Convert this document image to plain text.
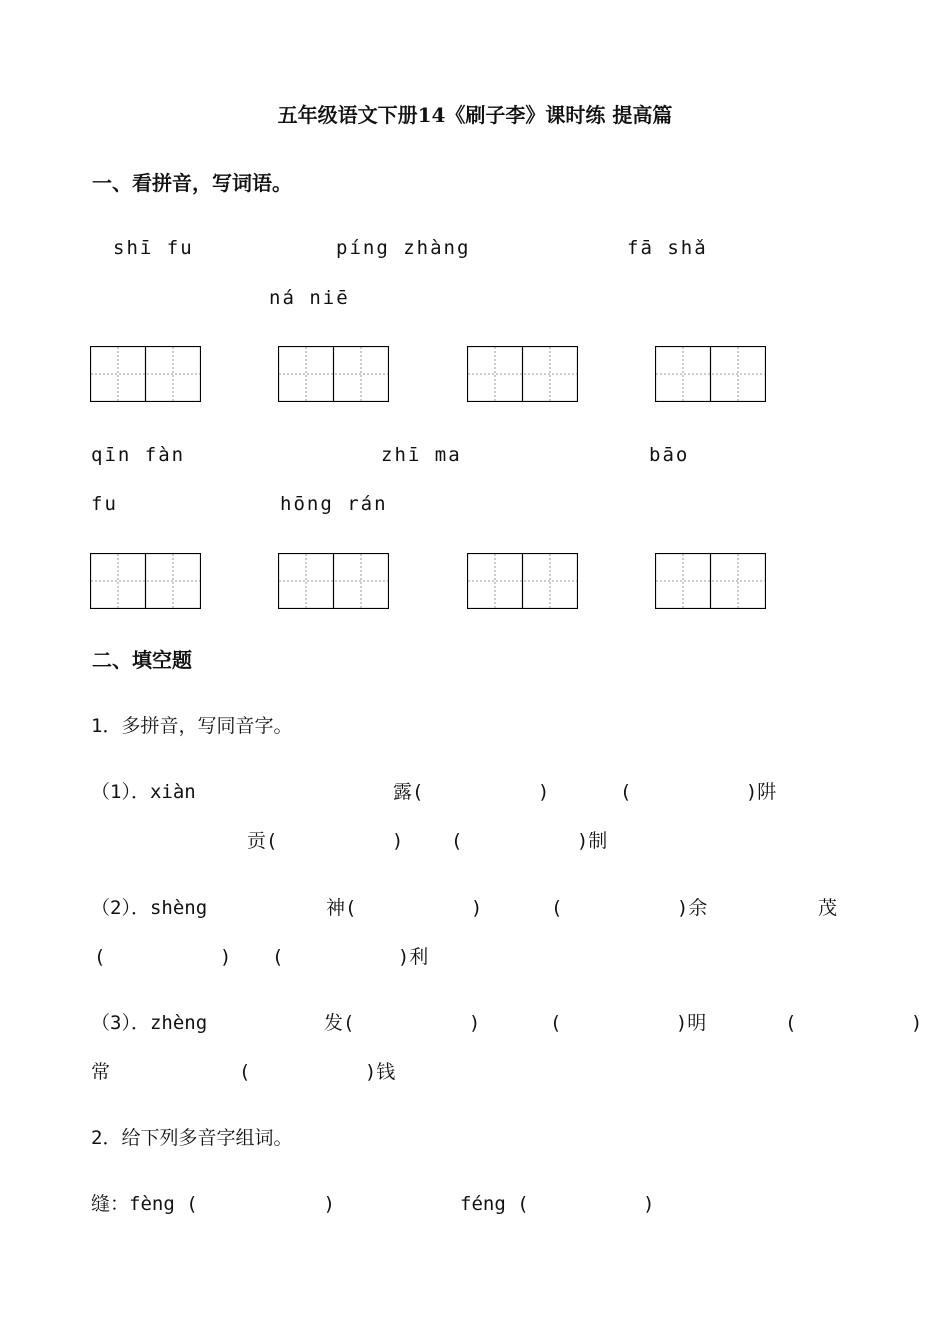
五年级语文下册14《刷子李》课时练 提高篇
一、看拼音，写词语。
shī fu	píng zhàng	fā shǎ
ná niē
qīn fàn	zhī ma	bāo
fu	hōng rán
二、填空题
1．多拼音，写同音字。
（1）．xiàn	露(          )	(          )阱
贡(          )	(          )制
（2）．shèng	神(          )	(          )余	茂
(          ) (          )利
（3）．zhèng	发(          )	(          )明	(          )
常	(          )钱
2．给下列多音字组词。
缝：fèng (           )	féng (          )
